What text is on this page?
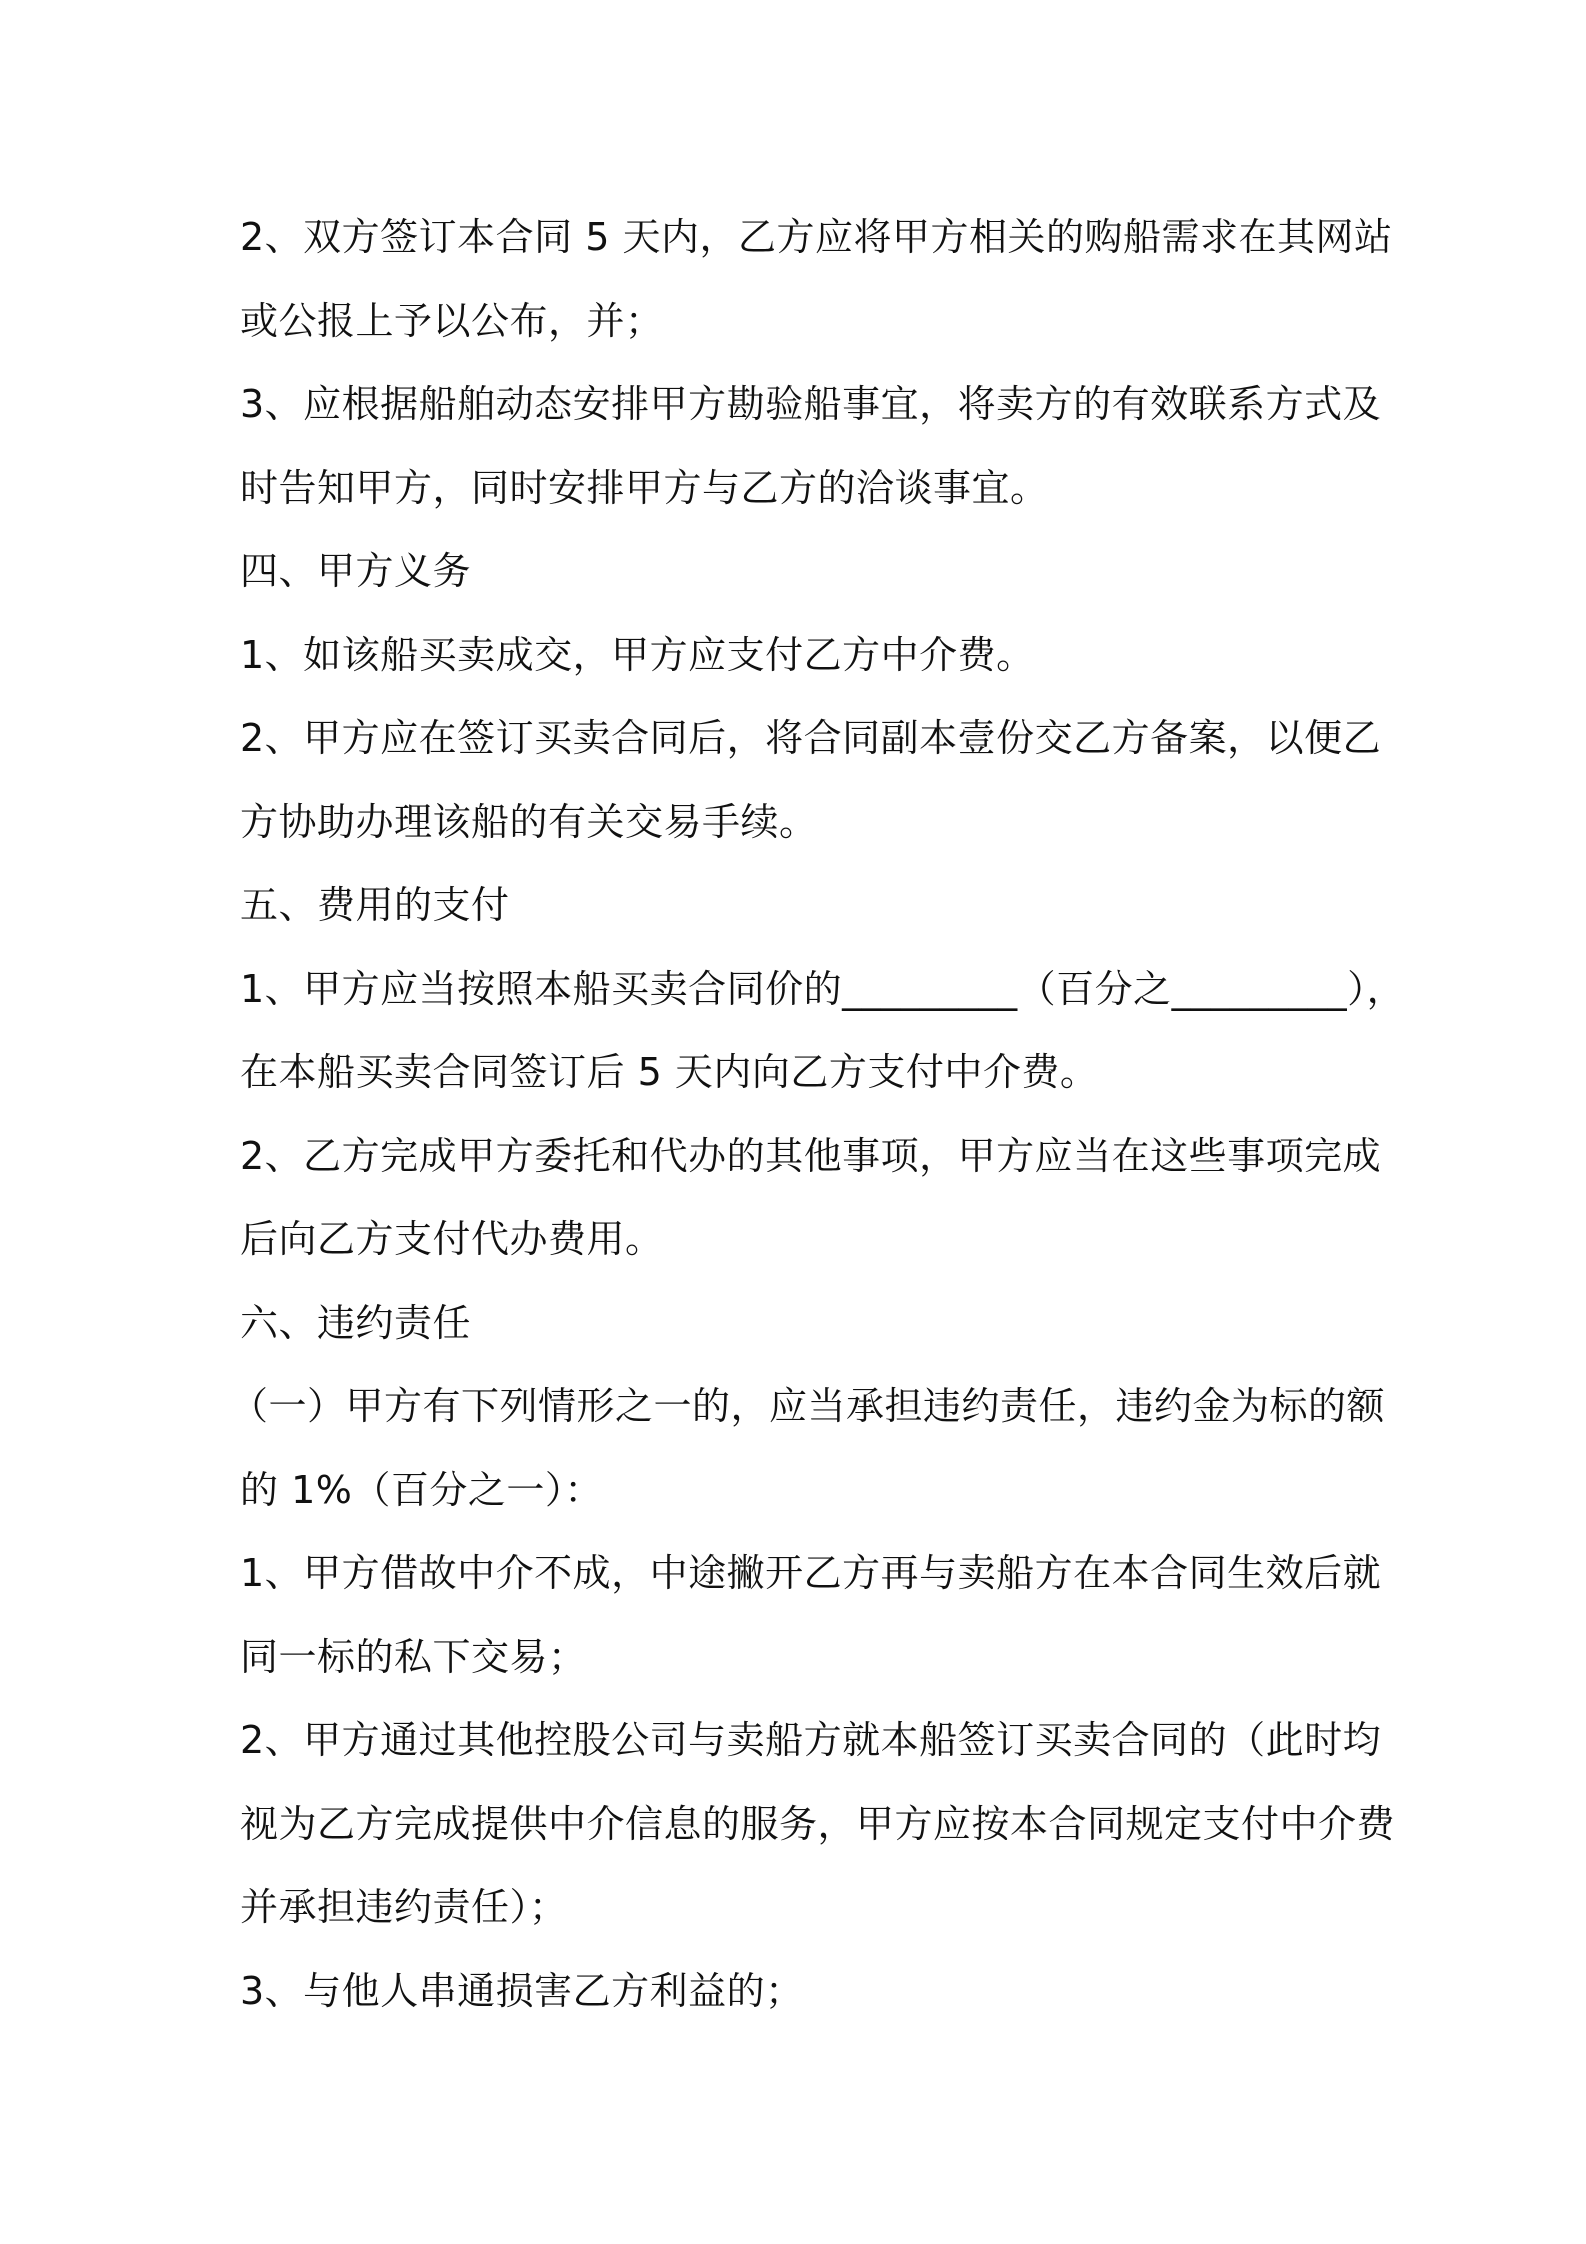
2、双方签订本合同 5 天内，乙方应将甲方相关的购船需求在其网站
或公报上予以公布，并；
3、应根据船舶动态安排甲方勘验船事宜，将卖方的有效联系方式及
时告知甲方，同时安排甲方与乙方的洽谈事宜。
四、甲方义务
1、如该船买卖成交，甲方应支付乙方中介费。
2、甲方应在签订买卖合同后，将合同副本壹份交乙方备案，以便乙
方协助办理该船的有关交易手续。
五、费用的支付
1、甲方应当按照本船买卖合同价的_________（百分之_________），
在本船买卖合同签订后 5 天内向乙方支付中介费。
2、乙方完成甲方委托和代办的其他事项，甲方应当在这些事项完成
后向乙方支付代办费用。
六、违约责任
（一）甲方有下列情形之一的，应当承担违约责任，违约金为标的额
的 1%（百分之一）：
1、甲方借故中介不成，中途撇开乙方再与卖船方在本合同生效后就
同一标的私下交易；
2、甲方通过其他控股公司与卖船方就本船签订买卖合同的（此时均
视为乙方完成提供中介信息的服务，甲方应按本合同规定支付中介费
并承担违约责任）；
3、与他人串通损害乙方利益的；
